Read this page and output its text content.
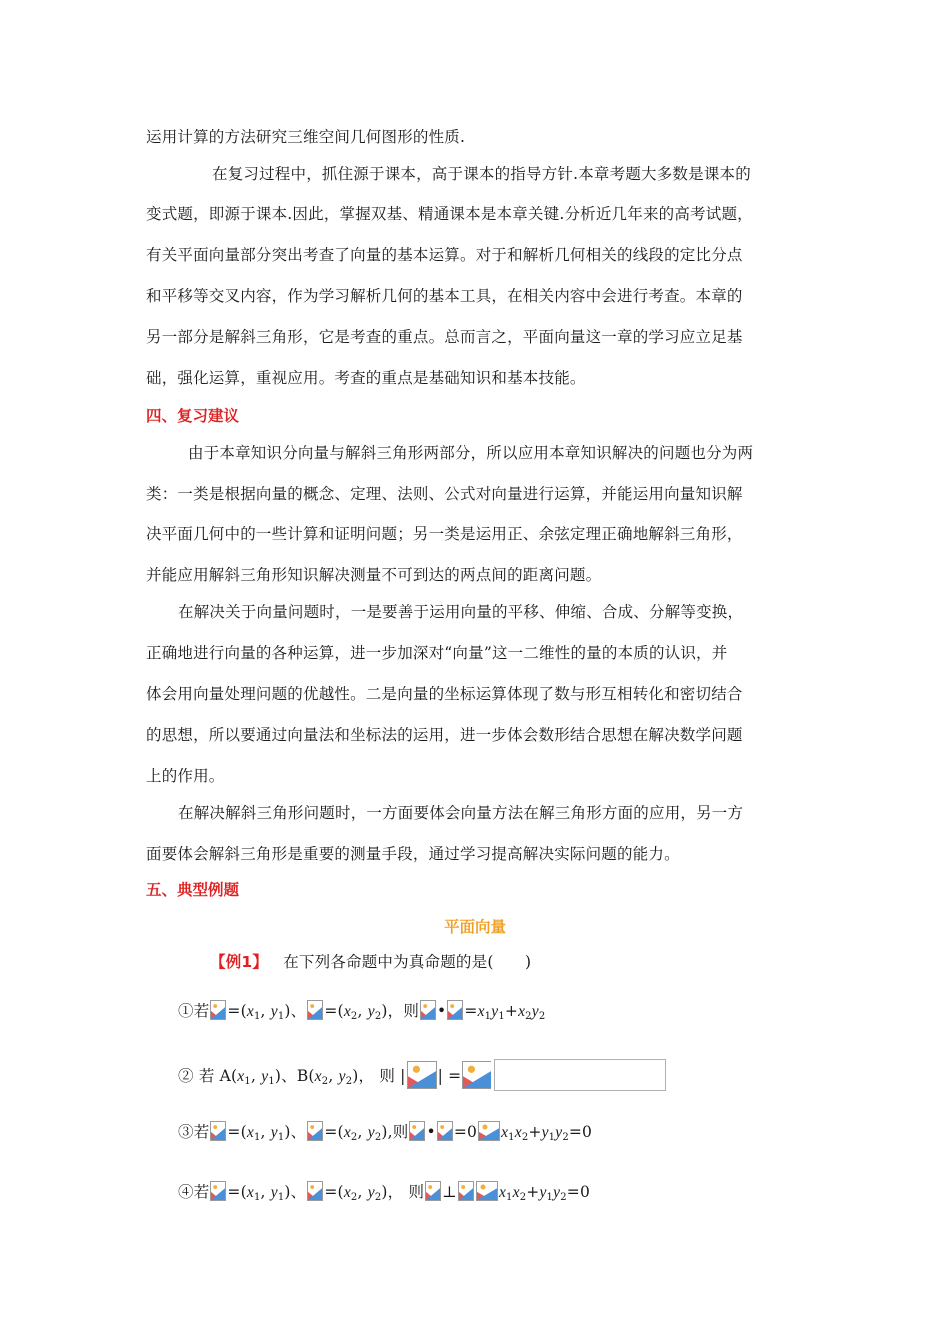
运用计算的方法研究三维空间几何图形的性质.
在复习过程中，抓住源于课本，高于课本的指导方针.本章考题大多数是课本的
变式题，即源于课本.因此，掌握双基、精通课本是本章关键.分析近几年来的高考试题，
有关平面向量部分突出考查了向量的基本运算。对于和解析几何相关的线段的定比分点
和平移等交叉内容，作为学习解析几何的基本工具，在相关内容中会进行考查。本章的
另一部分是解斜三角形，它是考查的重点。总而言之，平面向量这一章的学习应立足基
础，强化运算，重视应用。考查的重点是基础知识和基本技能。
四、复习建议
由于本章知识分向量与解斜三角形两部分，所以应用本章知识解决的问题也分为两
类：一类是根据向量的概念、定理、法则、公式对向量进行运算，并能运用向量知识解
决平面几何中的一些计算和证明问题；另一类是运用正、余弦定理正确地解斜三角形，
并能应用解斜三角形知识解决测量不可到达的两点间的距离问题。
在解决关于向量问题时，一是要善于运用向量的平移、伸缩、合成、分解等变换，
正确地进行向量的各种运算，进一步加深对“向量”这一二维性的量的本质的认识，并
体会用向量处理问题的优越性。二是向量的坐标运算体现了数与形互相转化和密切结合
的思想，所以要通过向量法和坐标法的运用，进一步体会数形结合思想在解决数学问题
上的作用。
在解决解斜三角形问题时，一方面要体会向量方法在解三角形方面的应用，另一方
面要体会解斜三角形是重要的测量手段，通过学习提高解决实际问题的能力。
五、典型例题
平面向量
【例1】 在下列各命题中为真命题的是(　　)
①若 $=(x_1$, $y_1$)、 $=(x_2$, $y_2$)，则 • $=x_1y_1+x_2y_2$
② 若 $A(x_1$, $y_1$)、$B(x_2$, $y_2$)， 则 | | =
③若 $=(x_1$, $y_1$)、 $=(x_2$, $y_2$),则 • =0 $x_1x_2+y_1y_2=0$
④若 $=(x_1$, $y_1$)、 $=(x_2$, $y_2$)， 则 ⊥	$x_1x_2+y_1y_2=0$
